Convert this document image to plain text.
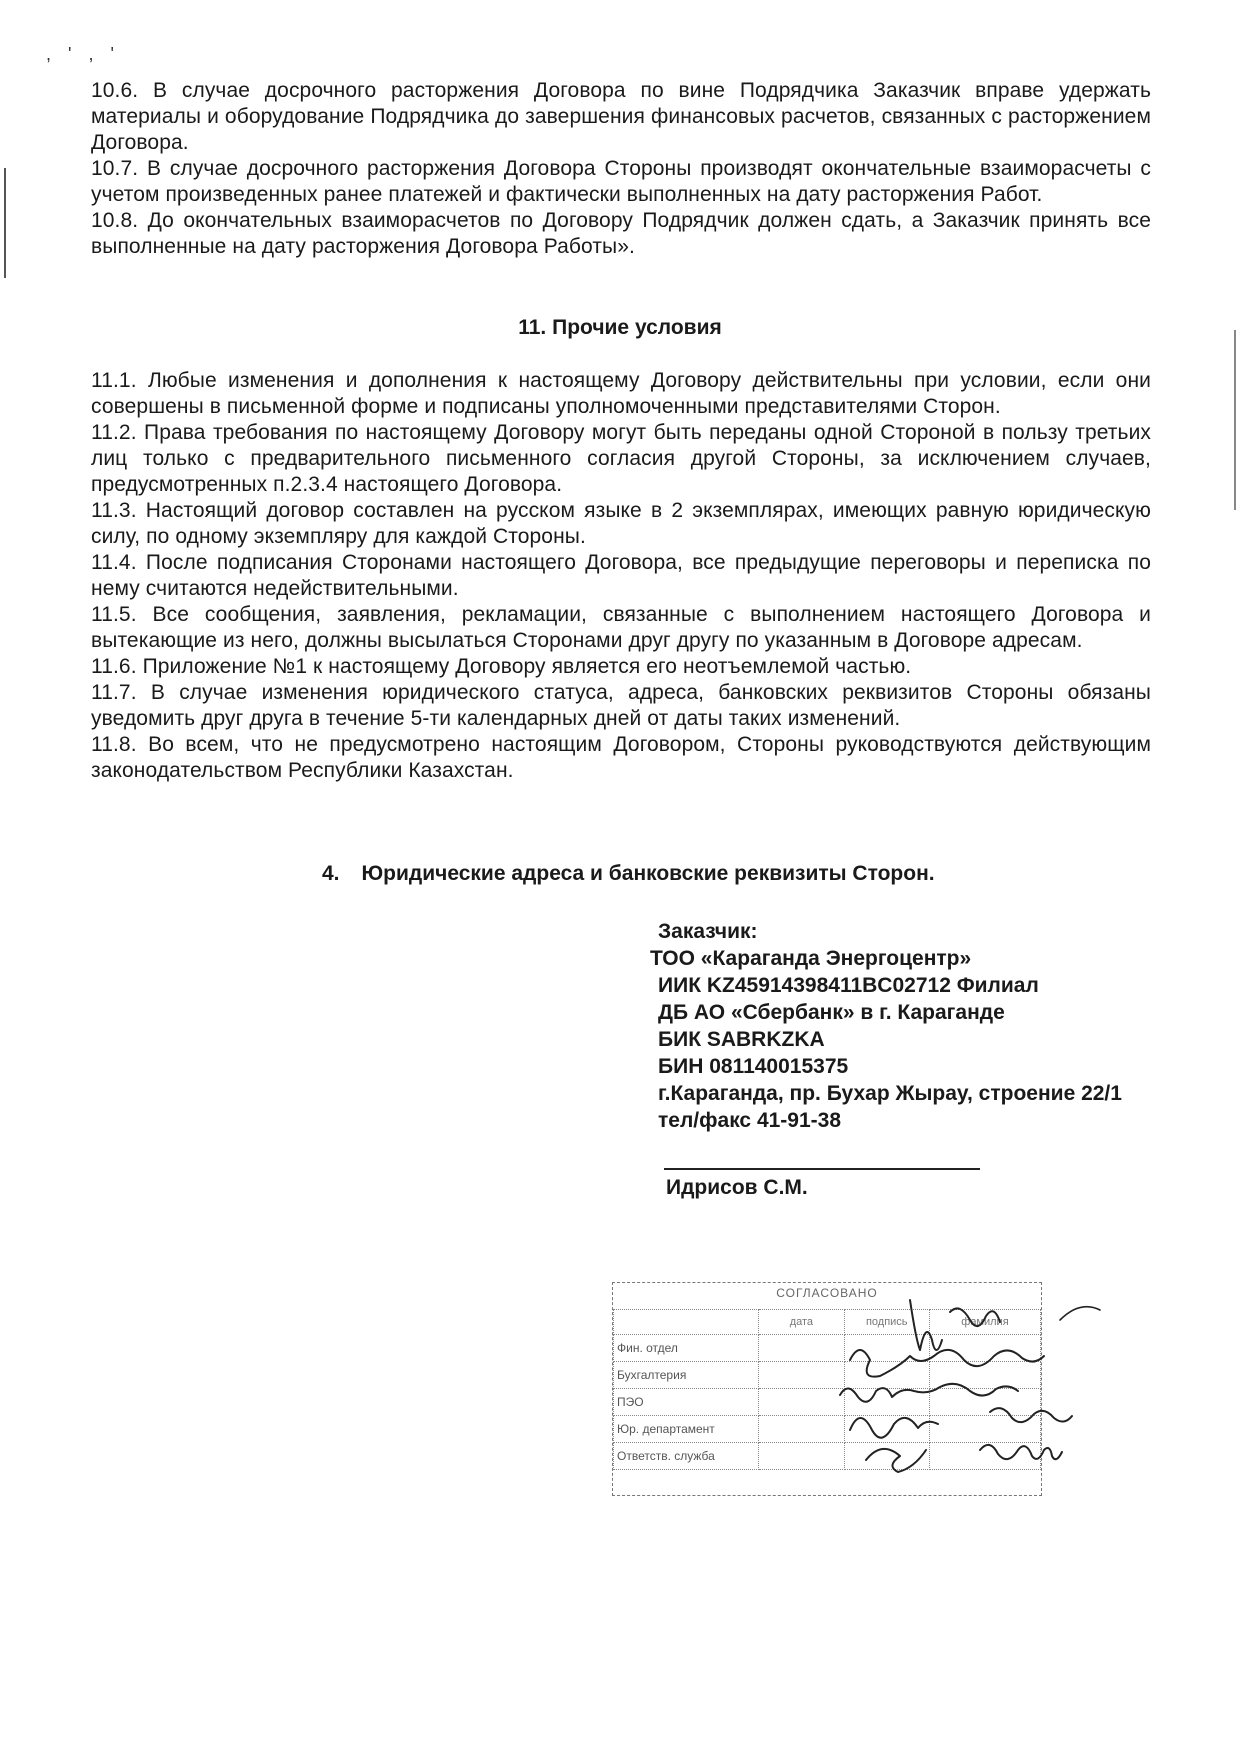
, ' , '

10.6. В случае досрочного расторжения Договора по вине Подрядчика Заказчик вправе удержать материалы и оборудование Подрядчика до завершения финансовых расчетов, связанных с расторжением Договора.

10.7. В случае досрочного расторжения Договора Стороны производят окончательные взаиморасчеты с учетом произведенных ранее платежей и фактически выполненных на дату расторжения Работ.

10.8. До окончательных взаиморасчетов по Договору Подрядчик должен сдать, а Заказчик принять все выполненные на дату расторжения Договора Работы».

11. Прочие условия

11.1. Любые изменения и дополнения к настоящему Договору действительны при условии, если они совершены в письменной форме и подписаны уполномоченными представителями Сторон.

11.2. Права требования по настоящему Договору могут быть переданы одной Стороной в пользу третьих лиц только с предварительного письменного согласия другой Стороны, за исключением случаев, предусмотренных п.2.3.4 настоящего Договора.

11.3. Настоящий договор составлен на русском языке в 2 экземплярах, имеющих равную юридическую силу, по одному экземпляру для каждой Стороны.

11.4. После подписания Сторонами настоящего Договора, все предыдущие переговоры и переписка по нему считаются недействительными.

11.5. Все сообщения, заявления, рекламации, связанные с выполнением настоящего Договора и вытекающие из него, должны высылаться Сторонами друг другу по указанным в Договоре адресам.

11.6. Приложение №1 к настоящему Договору является его неотъемлемой частью.

11.7. В случае изменения юридического статуса, адреса, банковских реквизитов Стороны обязаны уведомить друг друга в течение 5-ти календарных дней от даты таких изменений.

11.8. Во всем, что не предусмотрено настоящим Договором, Стороны руководствуются действующим законодательством Республики Казахстан.

4. Юридические адреса и банковские реквизиты Сторон.
Заказчик:
ТОО «Караганда Энергоцентр»
ИИК KZ45914398411BC02712 Филиал
ДБ АО «Сбербанк» в г. Караганде
БИК SABRKZKA
БИН 081140015375
г.Караганда, пр. Бухар Жырау, строение 22/1
тел/факс 41-91-38
Идрисов С.М.
СОГЛАСОВАНО
	дата	подпись	фамилия
Фин. отдел			
Бухгалтерия			
ПЭО			
Юр. департамент			
Ответств. служба			
